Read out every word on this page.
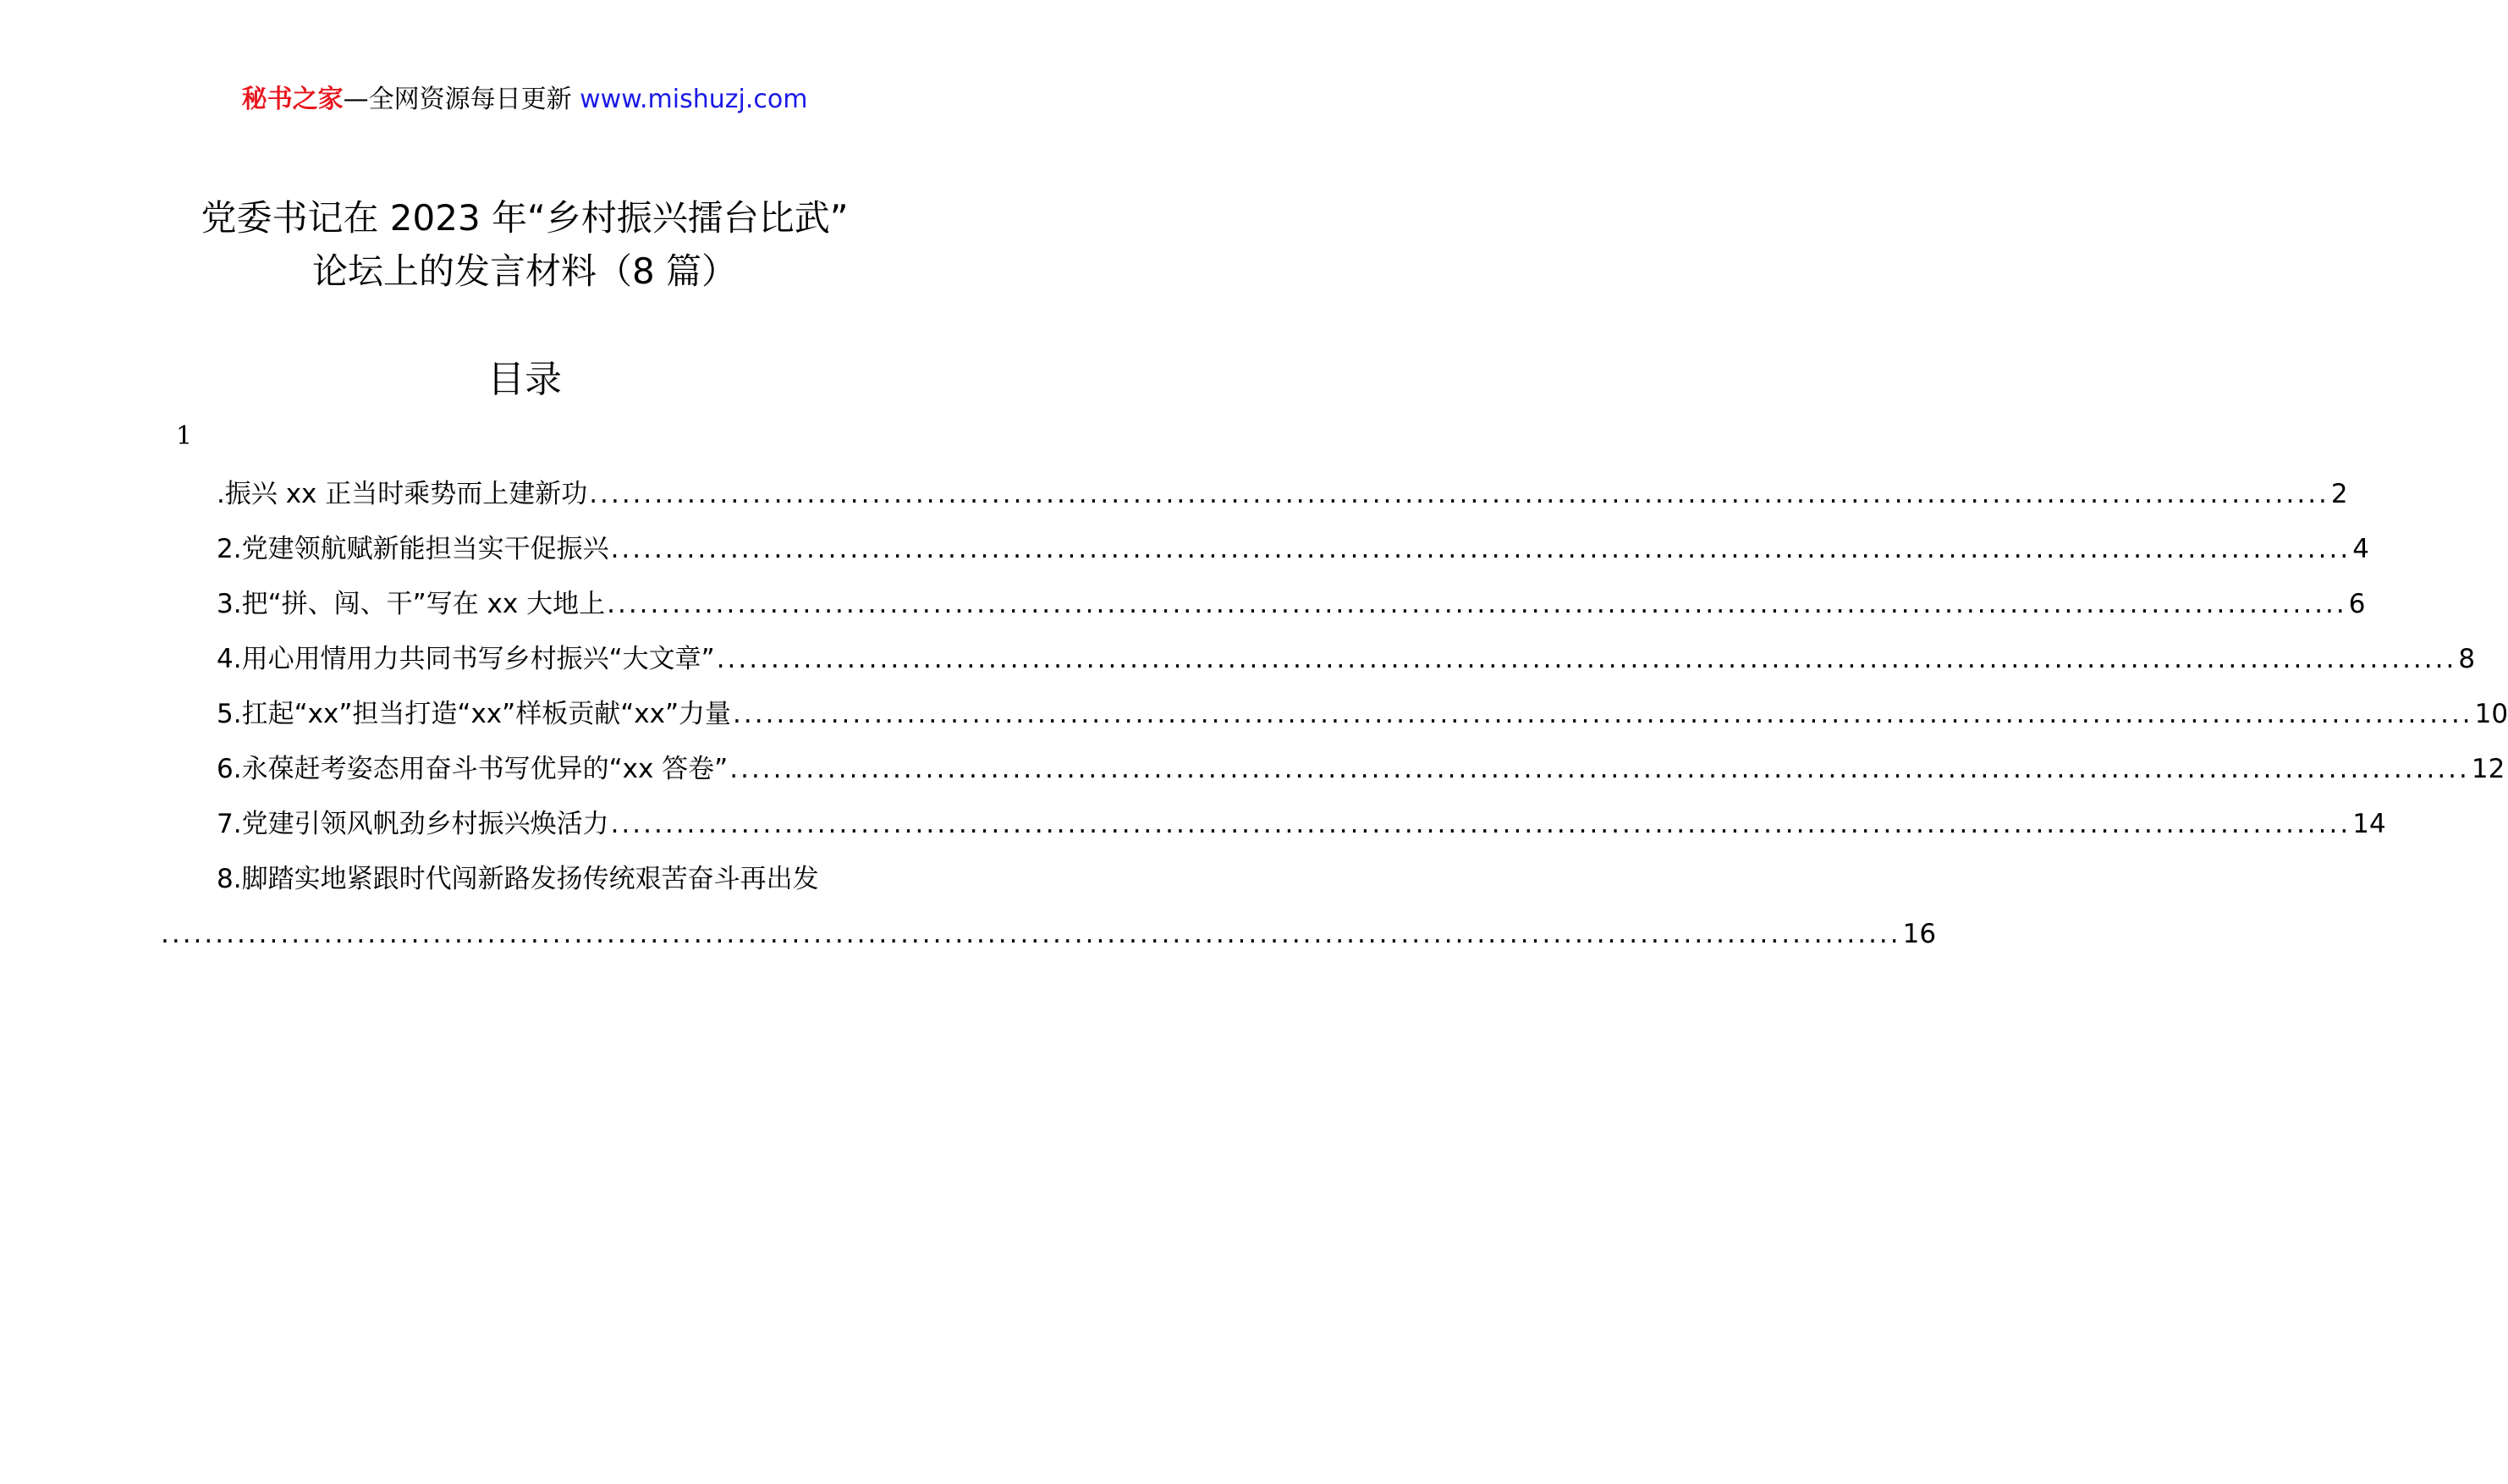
秘书之家—全网资源每日更新 www.mishuzj.com
党委书记在 2023 年“乡村振兴擂台比武”
论坛上的发言材料（8 篇）
目录
1
.振兴 xx 正当时乘势而上建新功 ................................................................................................................................................................ 2
2.党建领航赋新能担当实干促振兴 ................................................................................................................................................................ 4
3.把“拼、闯、干”写在 xx 大地上 ................................................................................................................................................................ 6
4.用心用情用力共同书写乡村振兴“大文章” ................................................................................................................................................................ 8
5.扛起“xx”担当打造“xx”样板贡献“xx”力量 ................................................................................................................................................................ 10
6.永葆赶考姿态用奋斗书写优异的“xx 答卷” ................................................................................................................................................................ 12
7.党建引领风帆劲乡村振兴焕活力 ................................................................................................................................................................ 14
8.脚踏实地紧跟时代闯新路发扬传统艰苦奋斗再出发
................................................................................................................................................................ 16
